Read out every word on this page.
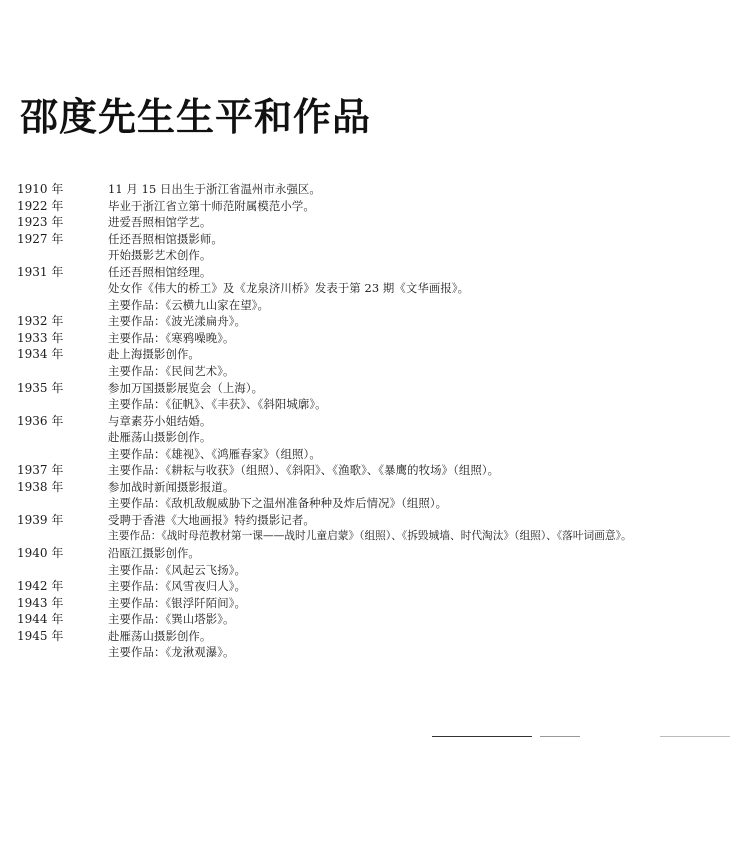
邵度先生生平和作品
1910 年	11 月 15 日出生于浙江省温州市永强区。
1922 年	毕业于浙江省立第十师范附属模范小学。
1923 年	进爱吾照相馆学艺。
1927 年	任还吾照相馆摄影师。
开始摄影艺术创作。
1931 年	任还吾照相馆经理。
处女作《伟大的桥工》及《龙泉济川桥》发表于第 23 期《文华画报》。
主要作品：《云横九山家在望》。
1932 年	主要作品：《波光漾扁舟》。
1933 年	主要作品：《寒鸦噪晚》。
1934 年	赴上海摄影创作。
主要作品：《民间艺术》。
1935 年	参加万国摄影展览会（上海）。
主要作品：《征帆》、《丰获》、《斜阳城廓》。
1936 年	与章素芬小姐结婚。
赴雁荡山摄影创作。
主要作品：《雄视》、《鸿雁春家》（组照）。
1937 年	主要作品：《耕耘与收获》（组照）、《斜阳》、《渔歌》、《暴鹰的牧场》（组照）。
1938 年	参加战时新闻摄影报道。
主要作品：《敌机敌舰威胁下之温州准备种种及炸后情况》（组照）。
1939 年	受聘于香港《大地画报》特约摄影记者。
主要作品：《战时母范教材第一课——战时儿童启蒙》（组照）、《拆毁城墙、时代淘汰》（组照）、《落叶词画意》。
1940 年	沿瓯江摄影创作。
主要作品：《风起云飞扬》。
1942 年	主要作品：《风雪夜归人》。
1943 年	主要作品：《银浮阡陌间》。
1944 年	主要作品：《巽山塔影》。
1945 年	赴雁荡山摄影创作。
主要作品：《龙湫观瀑》。
